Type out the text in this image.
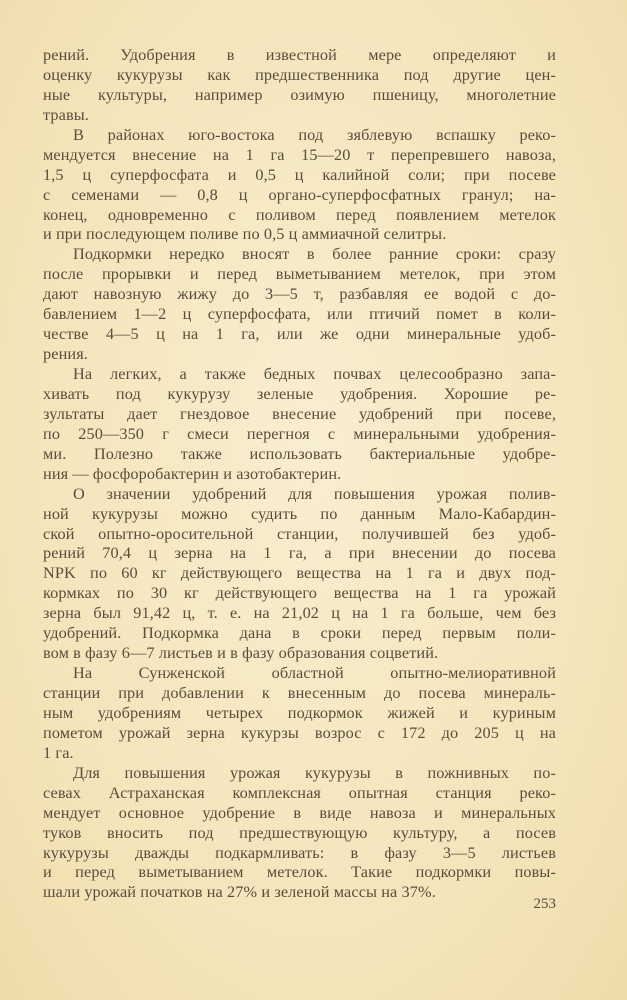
рений. Удобрения в известной мере определяют и
оценку кукурузы как предшественника под другие цен-
ные культуры, например озимую пшеницу, многолетние
травы.
В районах юго-востока под зяблевую вспашку реко-
мендуется внесение на 1 га 15—20 т перепревшего навоза,
1,5 ц суперфосфата и 0,5 ц калийной соли; при посеве
с семенами — 0,8 ц органо-суперфосфатных гранул; на-
конец, одновременно с поливом перед появлением метелок
и при последующем поливе по 0,5 ц аммиачной селитры.
Подкормки нередко вносят в более ранние сроки: сразу
после прорывки и перед выметыванием метелок, при этом
дают навозную жижу до 3—5 т, разбавляя ее водой с до-
бавлением 1—2 ц суперфосфата, или птичий помет в коли-
честве 4—5 ц на 1 га, или же одни минеральные удоб-
рения.
На легких, а также бедных почвах целесообразно запа-
хивать под кукурузу зеленые удобрения. Хорошие ре-
зультаты дает гнездовое внесение удобрений при посеве,
по 250—350 г смеси перегноя с минеральными удобрения-
ми. Полезно также использовать бактериальные удобре-
ния — фосфоробактерин и азотобактерин.
О значении удобрений для повышения урожая полив-
ной кукурузы можно судить по данным Мало-Кабардин-
ской опытно-оросительной станции, получившей без удоб-
рений 70,4 ц зерна на 1 га, а при внесении до посева
NPK по 60 кг действующего вещества на 1 га и двух под-
кормках по 30 кг действующего вещества на 1 га урожай
зерна был 91,42 ц, т. е. на 21,02 ц на 1 га больше, чем без
удобрений. Подкормка дана в сроки перед первым поли-
вом в фазу 6—7 листьев и в фазу образования соцветий.
На Сунженской областной опытно-мелиоративной
станции при добавлении к внесенным до посева минераль-
ным удобрениям четырех подкормок жижей и куриным
пометом урожай зерна кукурзы возрос с 172 до 205 ц на
1 га.
Для повышения урожая кукурузы в пожнивных по-
севах Астраханская комплексная опытная станция реко-
мендует основное удобрение в виде навоза и минеральных
туков вносить под предшествующую культуру, а посев
кукурузы дважды подкармливать: в фазу 3—5 листьев
и перед выметыванием метелок. Такие подкормки повы-
шали урожай початков на 27% и зеленой массы на 37%.
253
